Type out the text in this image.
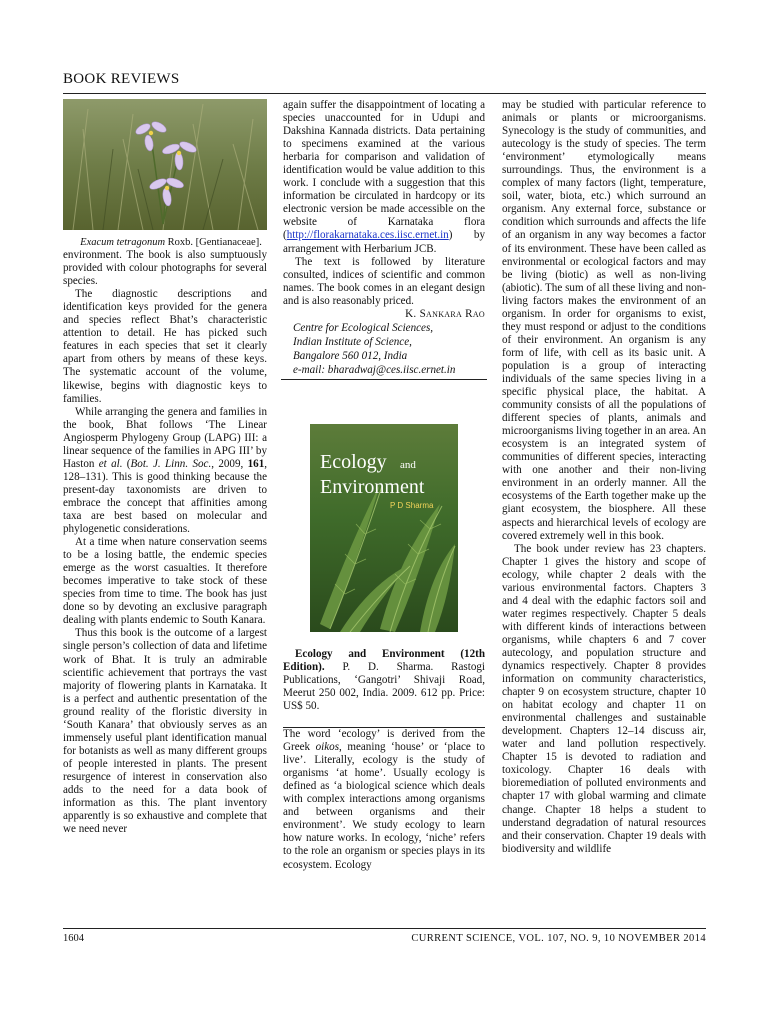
BOOK REVIEWS

Exacum tetragonum Roxb. [Gentianaceae].

environment. The book is also sumptuously provided with colour photographs for several species.

The diagnostic descriptions and identification keys provided for the genera and species reflect Bhat’s characteristic attention to detail. He has picked such features in each species that set it clearly apart from others by means of these keys. The systematic account of the volume, likewise, begins with diagnostic keys to families.

While arranging the genera and families in the book, Bhat follows ‘The Linear Angiosperm Phylogeny Group (LAPG) III: a linear sequence of the families in APG III’ by Haston et al. (Bot. J. Linn. Soc., 2009, 161, 128–131). This is good thinking because the present-day taxonomists are driven to embrace the concept that affinities among taxa are best based on molecular and phylogenetic considerations.

At a time when nature conservation seems to be a losing battle, the endemic species emerge as the worst casualties. It therefore becomes imperative to take stock of these species from time to time. The book has just done so by devoting an exclusive paragraph dealing with plants endemic to South Kanara.

Thus this book is the outcome of a largest single person’s collection of data and lifetime work of Bhat. It is truly an admirable scientific achievement that portrays the vast majority of flowering plants in Karnataka. It is a perfect and authentic presentation of the ground reality of the floristic diversity in ‘South Kanara’ that obviously serves as an immensely useful plant identification manual for botanists as well as many different groups of people interested in plants. The present resurgence of interest in conservation also adds to the need for a data book of information as this. The plant inventory apparently is so exhaustive and complete that we need never

again suffer the disappointment of locating a species unaccounted for in Udupi and Dakshina Kannada districts. Data pertaining to specimens examined at the various herbaria for comparison and validation of identification would be value addition to this work. I conclude with a suggestion that this information be circulated in hardcopy or its electronic version be made accessible on the website of Karnataka flora (http://florakarnataka.ces.iisc.ernet.in) by arrangement with Herbarium JCB.

The text is followed by literature consulted, indices of scientific and common names. The book comes in an elegant design and is also reasonably priced.

K. Sankara Rao

Centre for Ecological Sciences,

Indian Institute of Science,

Bangalore 560 012, India

e-mail: bharadwaj@ces.iisc.ernet.in

Ecology and
Environment
P D Sharma

Ecology and Environment (12th Edition). P. D. Sharma. Rastogi Publications, ‘Gangotri’ Shivaji Road, Meerut 250 002, India. 2009. 612 pp. Price: US$ 50.

The word ‘ecology’ is derived from the Greek oikos, meaning ‘house’ or ‘place to live’. Literally, ecology is the study of organisms ‘at home’. Usually ecology is defined as ‘a biological science which deals with complex interactions among organisms and between organisms and their environment’. We study ecology to learn how nature works. In ecology, ‘niche’ refers to the role an organism or species plays in its ecosystem. Ecology

may be studied with particular reference to animals or plants or microorganisms. Synecology is the study of communities, and autecology is the study of species. The term ‘environment’ etymologically means surroundings. Thus, the environment is a complex of many factors (light, temperature, soil, water, biota, etc.) which surround an organism. Any external force, substance or condition which surrounds and affects the life of an organism in any way becomes a factor of its environment. These have been called as environmental or ecological factors and may be living (biotic) as well as non-living (abiotic). The sum of all these living and non-living factors makes the environment of an organism. In order for organisms to exist, they must respond or adjust to the conditions of their environment. An organism is any form of life, with cell as its basic unit. A population is a group of interacting individuals of the same species living in a specific physical place, the habitat. A community consists of all the populations of different species of plants, animals and microorganisms living together in an area. An ecosystem is an integrated system of communities of different species, interacting with one another and their non-living environment in an orderly manner. All the ecosystems of the Earth together make up the giant ecosystem, the biosphere. All these aspects and hierarchical levels of ecology are covered extremely well in this book.

The book under review has 23 chapters. Chapter 1 gives the history and scope of ecology, while chapter 2 deals with the various environmental factors. Chapters 3 and 4 deal with the edaphic factors soil and water regimes respectively. Chapter 5 deals with different kinds of interactions between organisms, while chapters 6 and 7 cover autecology, and population structure and dynamics respectively. Chapter 8 provides information on community characteristics, chapter 9 on ecosystem structure, chapter 10 on habitat ecology and chapter 11 on environmental challenges and sustainable development. Chapters 12–14 discuss air, water and land pollution respectively. Chapter 15 is devoted to radiation and toxicology. Chapter 16 deals with bioremediation of polluted environments and chapter 17 with global warming and climate change. Chapter 18 helps a student to understand degradation of natural resources and their conservation. Chapter 19 deals with biodiversity and wildlife

1604	CURRENT SCIENCE, VOL. 107, NO. 9, 10 NOVEMBER 2014
